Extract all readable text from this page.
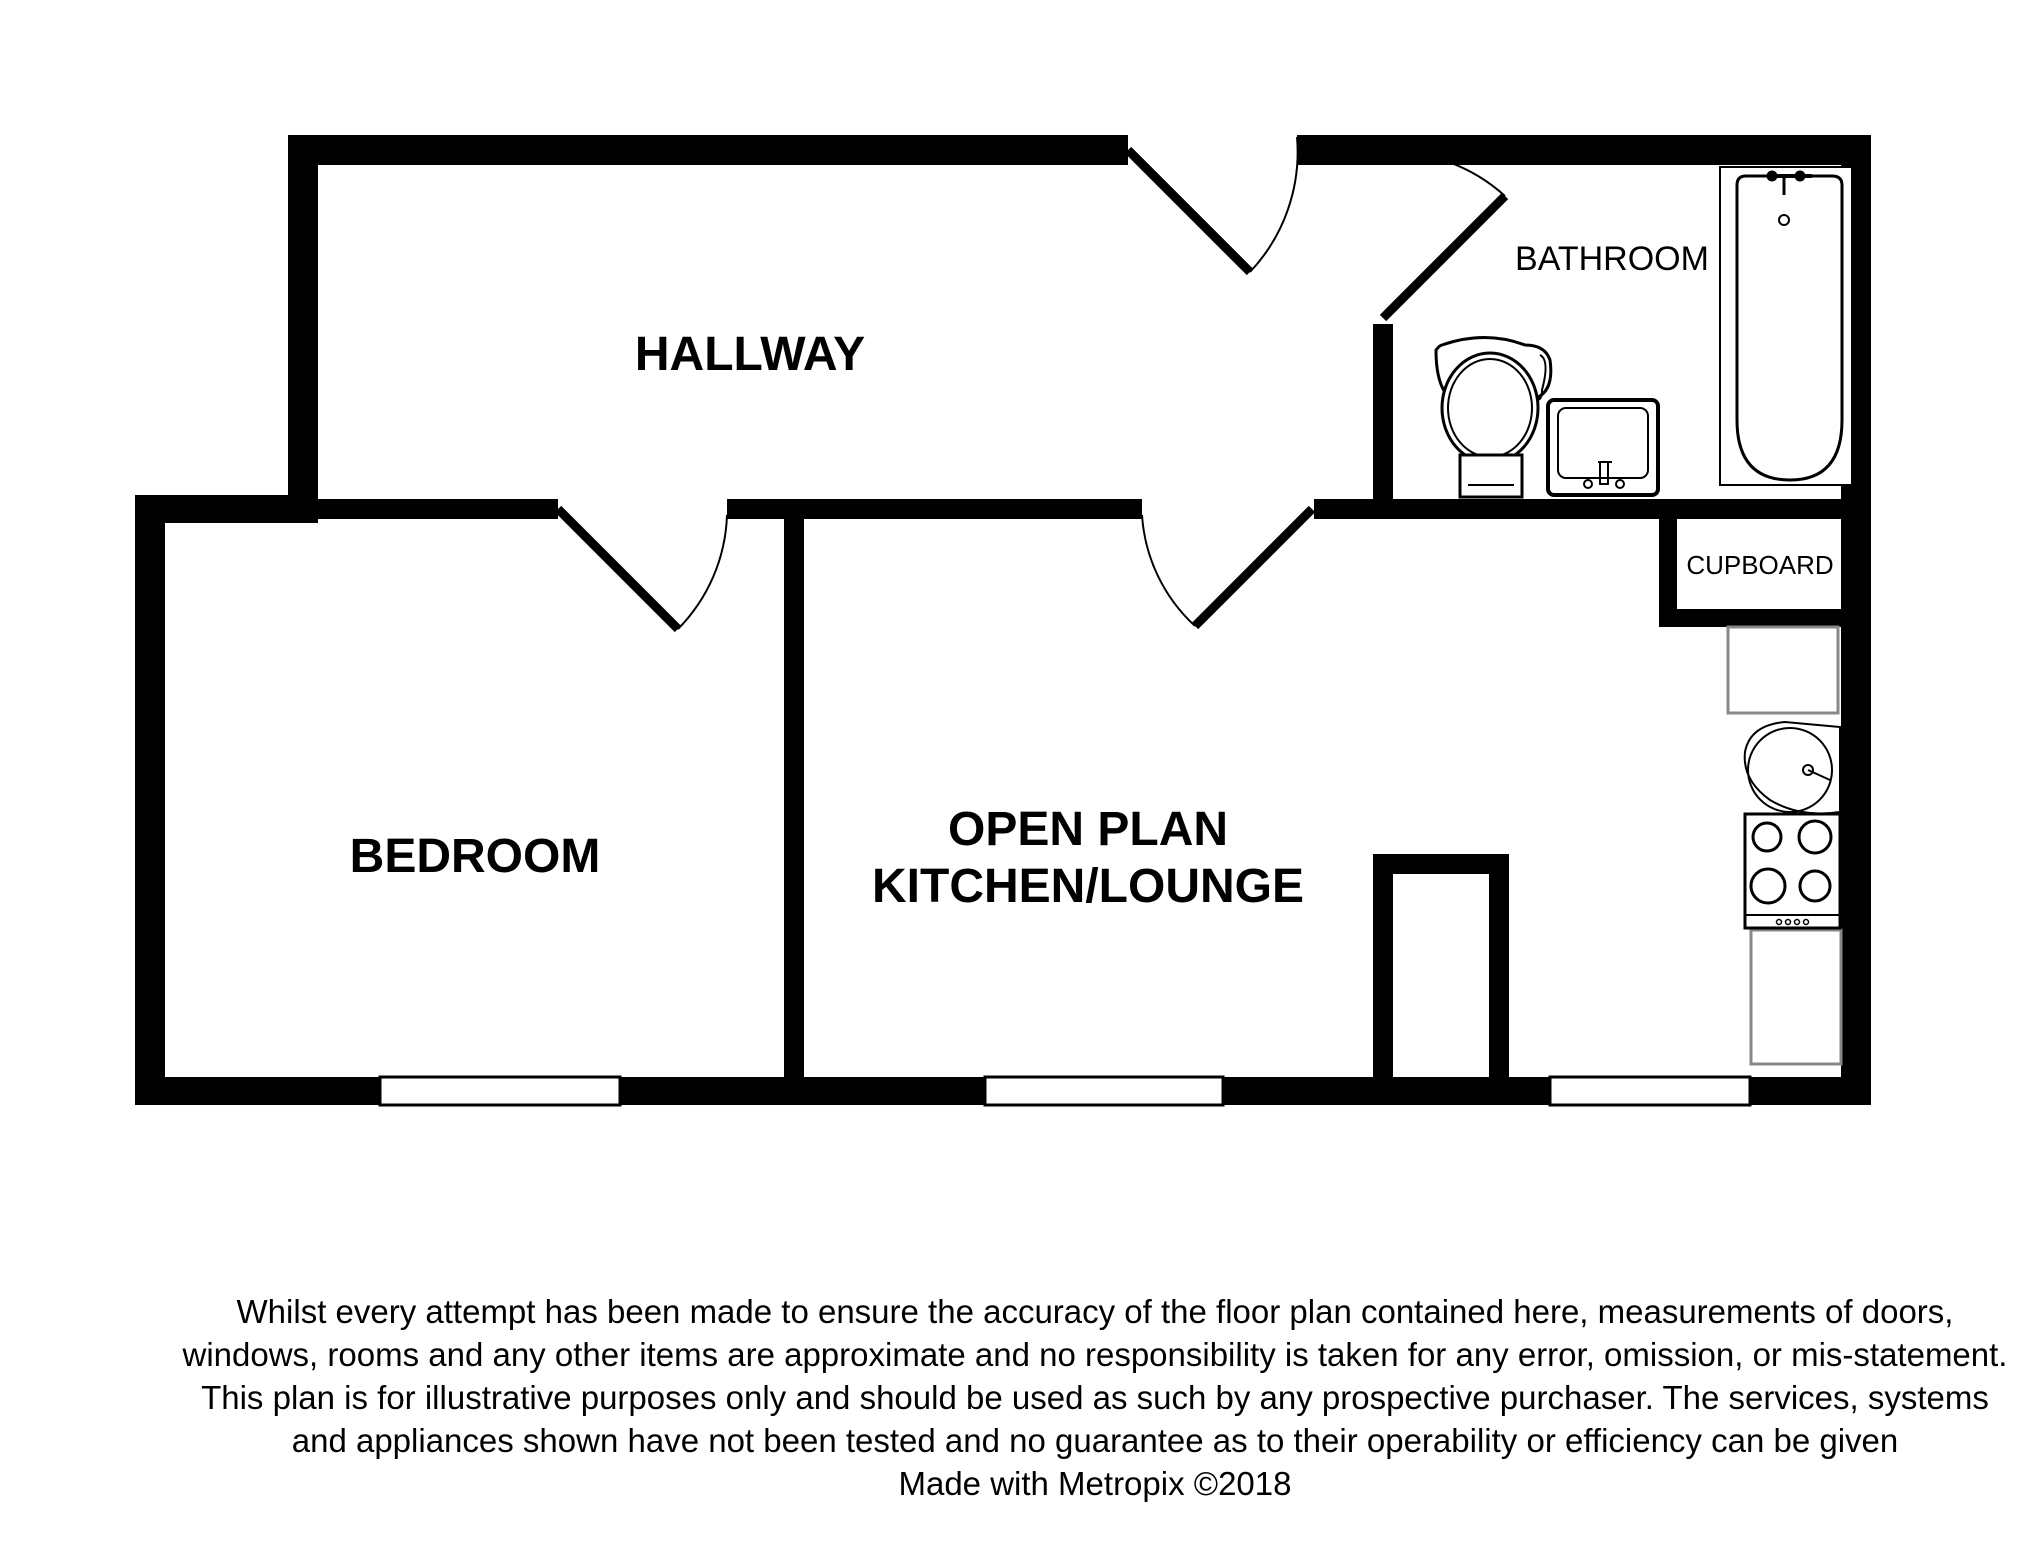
HALLWAY
BATHROOM
BEDROOM
OPEN PLAN
KITCHEN/LOUNGE
CUPBOARD

Whilst every attempt has been made to ensure the accuracy of the floor plan contained here, measurements of doors, windows, rooms and any other items are approximate and no responsibility is taken for any error, omission, or mis-statement. This plan is for illustrative purposes only and should be used as such by any prospective purchaser. The services, systems and appliances shown have not been tested and no guarantee as to their operability or efficiency can be given

Made with Metropix ©2018
